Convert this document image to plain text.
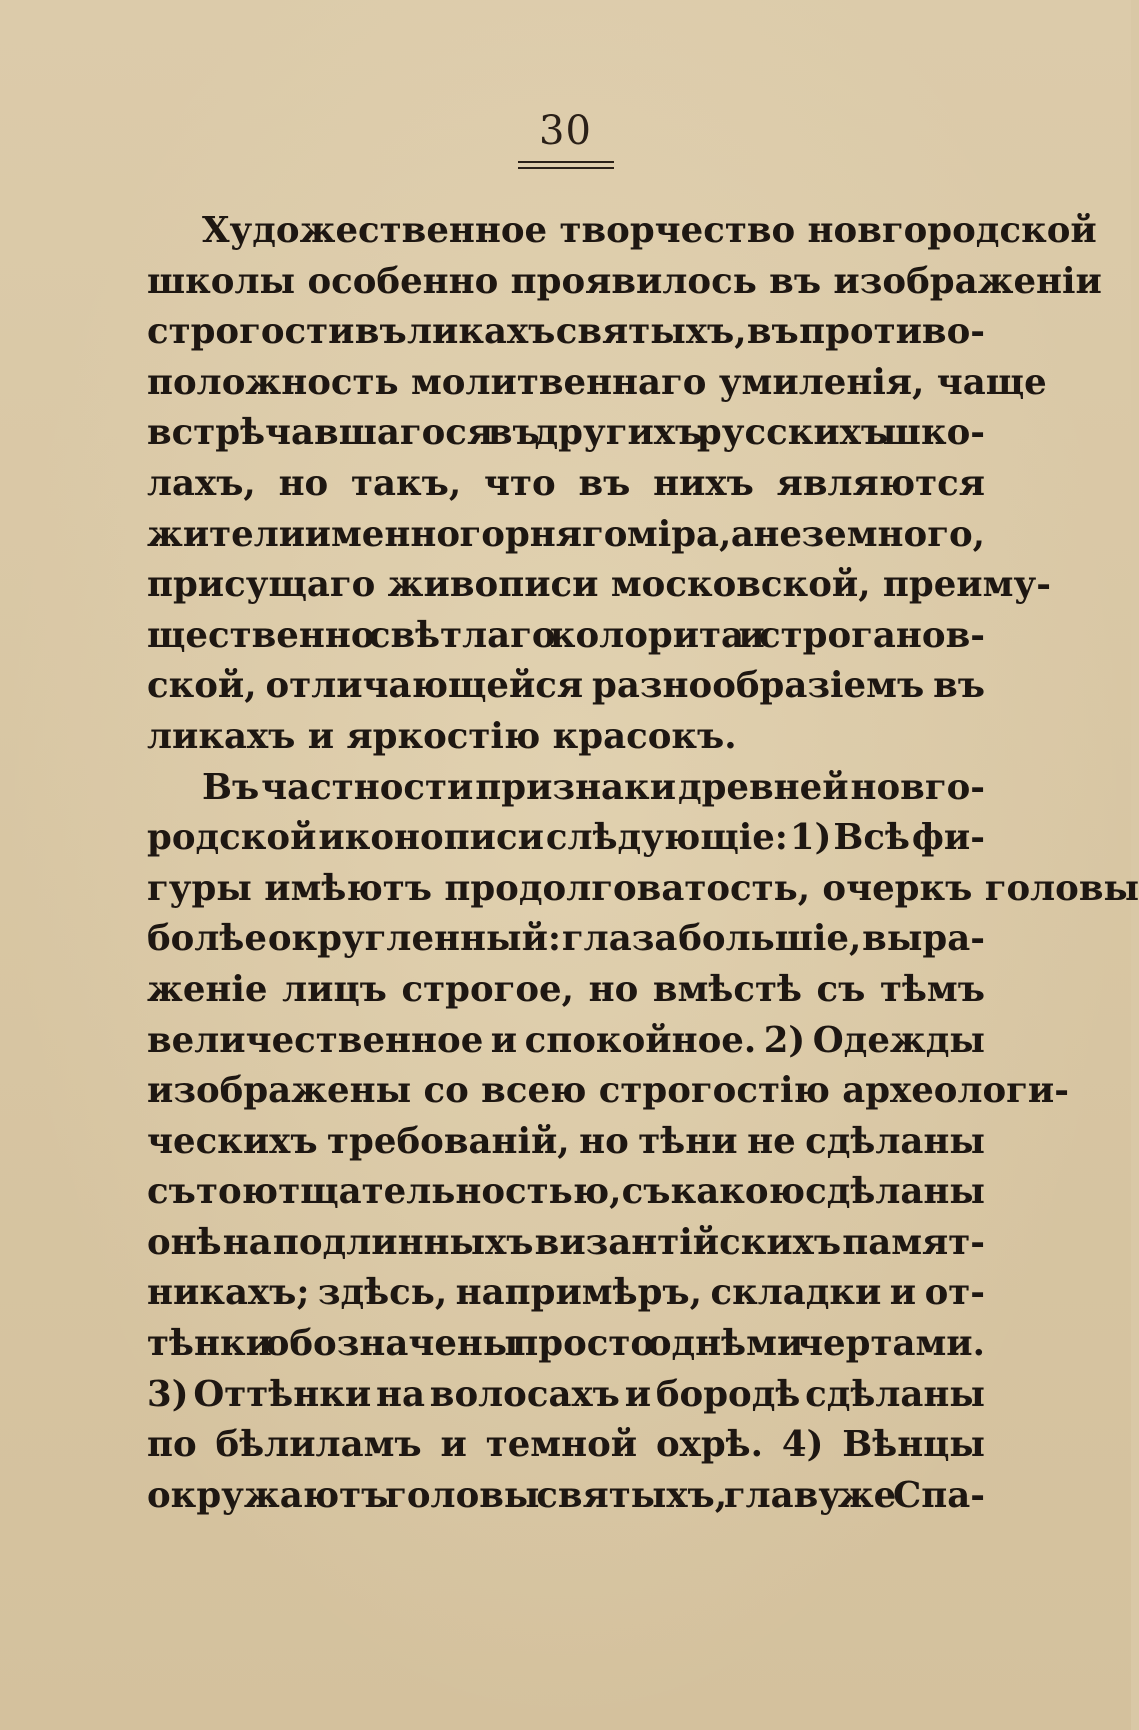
30
Художественное творчество новгородской
школы особенно проявилось въ изображеніи
строгости въ ликахъ святыхъ, въ противо-
положность молитвеннаго умиленія, чаще
встрѣчавшагося въ другихъ русскихъ шко-
лахъ, но такъ, что въ нихъ являются
жители именно горняго міра, а не земного,
присущаго живописи московской, преиму-
щественно свѣтлаго колорита и строганов-
ской, отличающейся разнообразіемъ въ
ликахъ и яркостію красокъ.
Въ частности признаки древней новго-
родской иконописи слѣдующіе: 1) Всѣ фи-
гуры имѣютъ продолговатость, очеркъ головы
болѣе округленный: глаза большіе, выра-
женіе лицъ строгое, но вмѣстѣ съ тѣмъ
величественное и спокойное. 2) Одежды
изображены со всею строгостію археологи-
ческихъ требованій, но тѣни не сдѣланы
съ тою тщательностью, съ какою сдѣланы
онѣ на подлинныхъ византійскихъ памят-
никахъ; здѣсь, напримѣръ, складки и от-
тѣнки обозначены просто однѣми чертами.
3) Оттѣнки на волосахъ и бородѣ сдѣланы
по бѣлиламъ и темной охрѣ. 4) Вѣнцы
окружаютъ головы святыхъ, главу же Спа-
